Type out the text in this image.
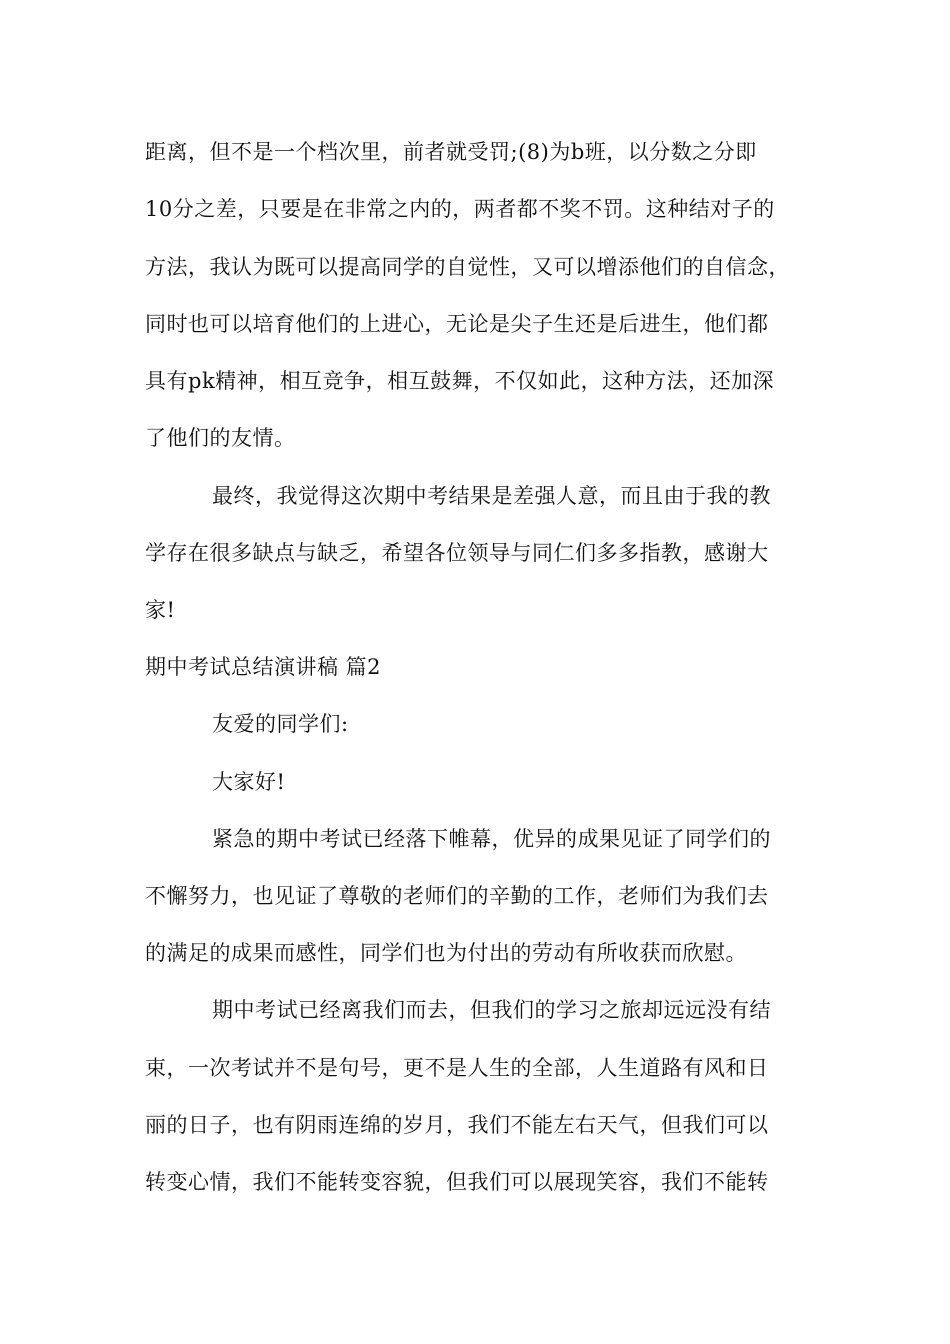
距离，但不是一个档次里，前者就受罚;(8)为b班，以分数之分即
10分之差，只要是在非常之内的，两者都不奖不罚。这种结对子的
方法，我认为既可以提高同学的自觉性，又可以增添他们的自信念，
同时也可以培育他们的上进心，无论是尖子生还是后进生，他们都
具有pk精神，相互竞争，相互鼓舞，不仅如此，这种方法，还加深
了他们的友情。
最终，我觉得这次期中考结果是差强人意，而且由于我的教
学存在很多缺点与缺乏，希望各位领导与同仁们多多指教，感谢大
家!
期中考试总结演讲稿 篇2
友爱的同学们:
大家好!
紧急的期中考试已经落下帷幕，优异的成果见证了同学们的
不懈努力，也见证了尊敬的老师们的辛勤的工作，老师们为我们去
的满足的成果而感性，同学们也为付出的劳动有所收获而欣慰。
期中考试已经离我们而去，但我们的学习之旅却远远没有结
束，一次考试并不是句号，更不是人生的全部，人生道路有风和日
丽的日子，也有阴雨连绵的岁月，我们不能左右天气，但我们可以
转变心情，我们不能转变容貌，但我们可以展现笑容，我们不能转
